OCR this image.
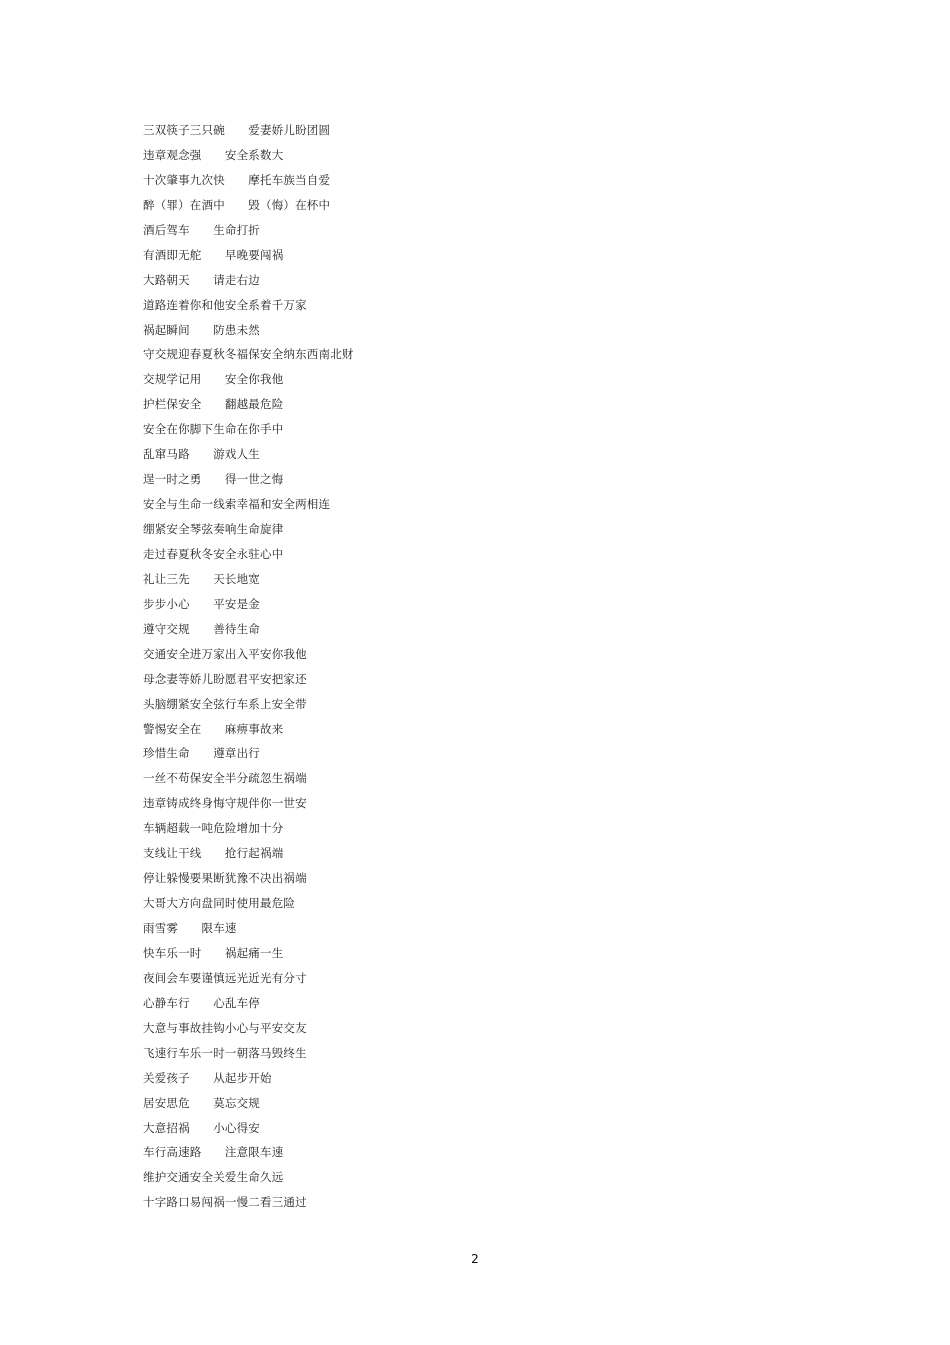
三双筷子三只碗　　爱妻娇儿盼团圆
违章观念强　　安全系数大
十次肇事九次快　　摩托车族当自爱
醉（罪）在酒中　　毁（悔）在杯中
酒后驾车　　生命打折
有酒即无舵　　早晚要闯祸
大路朝天　　请走右边
道路连着你和他安全系着千万家
祸起瞬间　　防患未然
守交规迎春夏秋冬福保安全纳东西南北财
交规学记用　　安全你我他
护栏保安全　　翻越最危险
安全在你脚下生命在你手中
乱窜马路　　游戏人生
逞一时之勇　　得一世之悔
安全与生命一线索幸福和安全两相连
绷紧安全琴弦奏响生命旋律
走过春夏秋冬安全永驻心中
礼让三先　　天长地宽
步步小心　　平安是金
遵守交规　　善待生命
交通安全进万家出入平安你我他
母念妻等娇儿盼愿君平安把家还
头脑绷紧安全弦行车系上安全带
警惕安全在　　麻痹事故来
珍惜生命　　遵章出行
一丝不苟保安全半分疏忽生祸端
违章铸成终身悔守规伴你一世安
车辆超载一吨危险增加十分
支线让干线　　抢行起祸端
停让躲慢要果断犹豫不决出祸端
大哥大方向盘同时使用最危险
雨雪雾　　限车速
快车乐一时　　祸起痛一生
夜间会车要谨慎远光近光有分寸
心静车行　　心乱车停
大意与事故挂钩小心与平安交友
飞速行车乐一时一朝落马毁终生
关爱孩子　　从起步开始
居安思危　　莫忘交规
大意招祸　　小心得安
车行高速路　　注意限车速
维护交通安全关爱生命久远
十字路口易闯祸一慢二看三通过
2
